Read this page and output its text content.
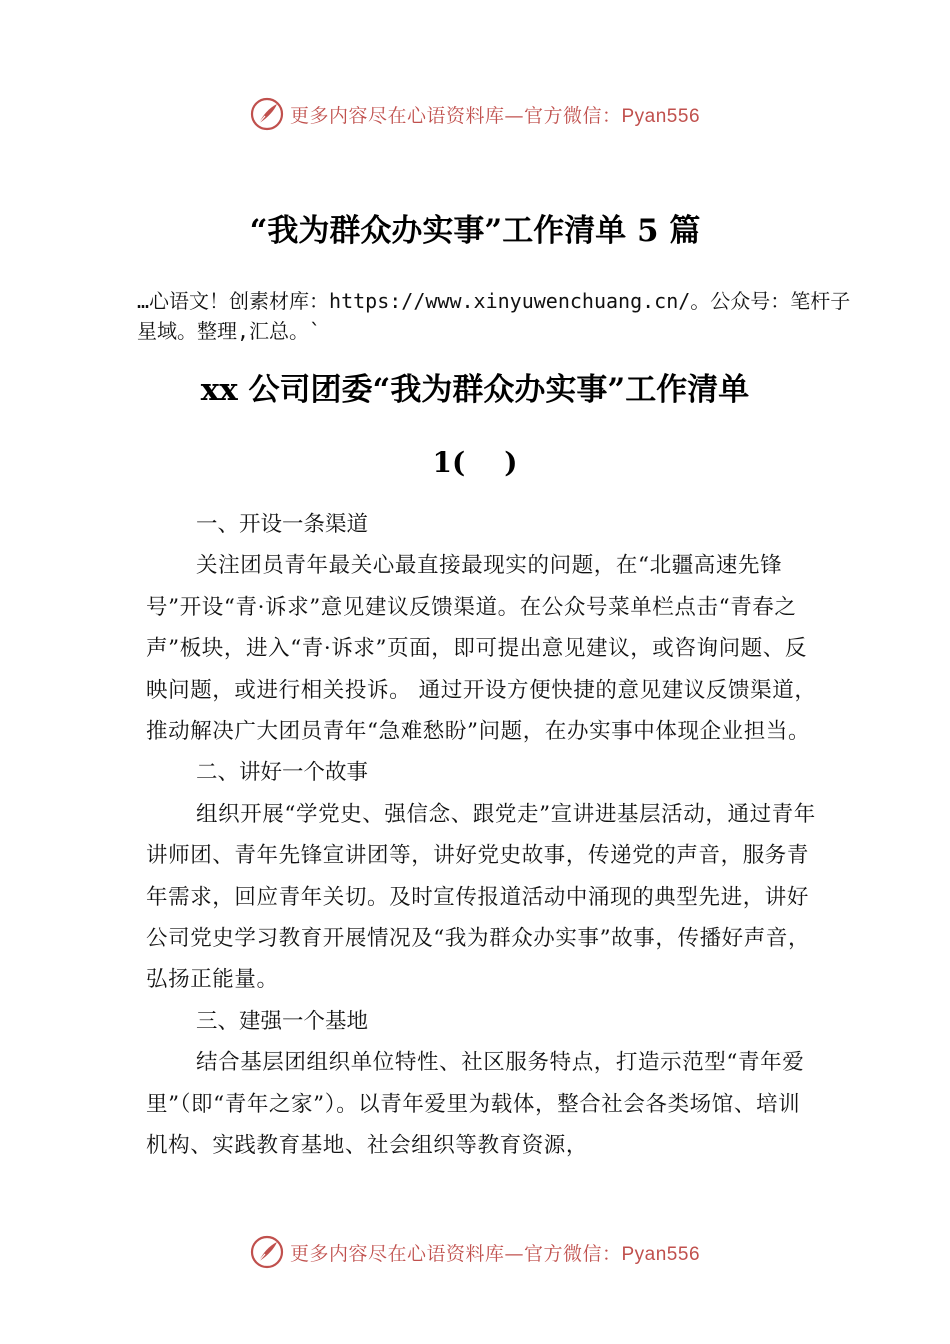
更多内容尽在心语资料库—官方微信：Pyan556
“我为群众办实事”工作清单 5 篇
…心语文！创素材库：https://www.xinyuwenchuang.cn/。公众号：笔杆子星域。整理,汇总。`
xx 公司团委“我为群众办实事”工作清单
1(    )

一、开设一条渠道

关注团员青年最关心最直接最现实的问题，在“北疆高速先锋号”开设“青·诉求”意见建议反馈渠道。在公众号菜单栏点击“青春之声”板块，进入“青·诉求”页面，即可提出意见建议，或咨询问题、反映问题，或进行相关投诉。 通过开设方便快捷的意见建议反馈渠道，推动解决广大团员青年“急难愁盼”问题，在办实事中体现企业担当。

二、讲好一个故事

组织开展“学党史、强信念、跟党走”宣讲进基层活动，通过青年讲师团、青年先锋宣讲团等，讲好党史故事，传递党的声音，服务青年需求，回应青年关切。及时宣传报道活动中涌现的典型先进，讲好公司党史学习教育开展情况及“我为群众办实事”故事，传播好声音，弘扬正能量。

三、建强一个基地

结合基层团组织单位特性、社区服务特点，打造示范型“青年爱里”（即“青年之家”）。以青年爱里为载体，整合社会各类场馆、培训机构、实践教育基地、社会组织等教育资源，

更多内容尽在心语资料库—官方微信：Pyan556
